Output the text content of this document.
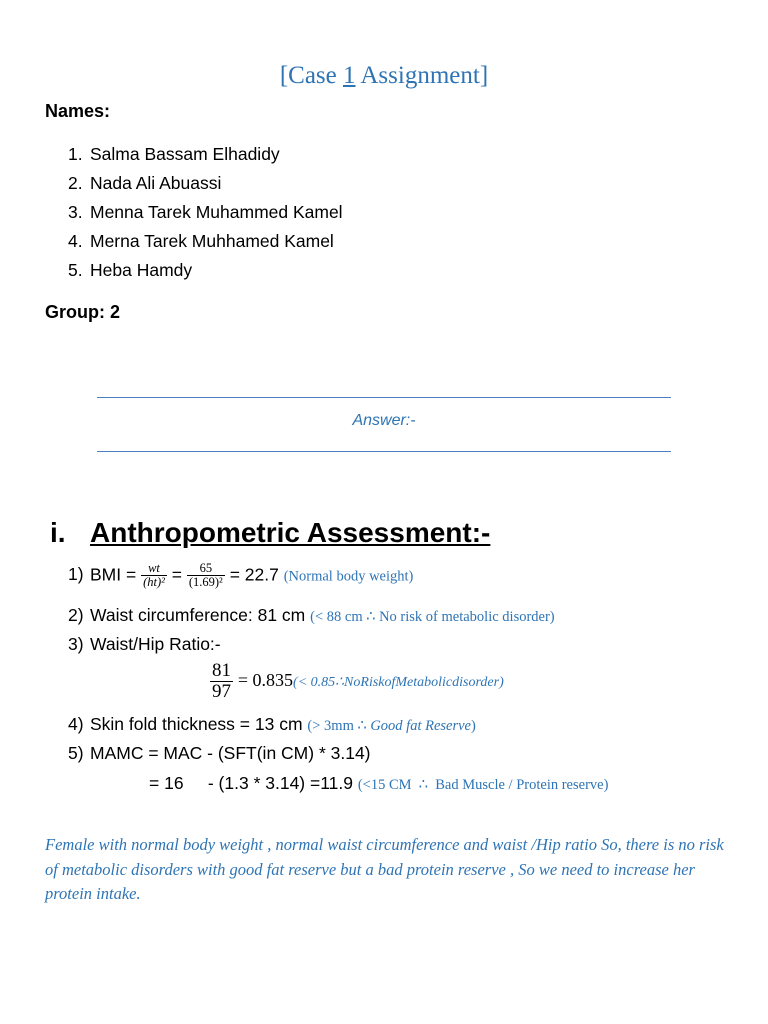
[Case 1 Assignment]
Names:
1. Salma Bassam Elhadidy
2. Nada Ali Abuassi
3. Menna Tarek Muhammed Kamel
4. Merna Tarek Muhhamed Kamel
5. Heba Hamdy
Group: 2
Answer:-
i. Anthropometric Assessment:-
1) BMI = $\frac{wt}{\text{(ht)²}} = \frac{65}{\text{(1.69)²}} = 22.7$ (Normal body weight)
2) Waist circumference: 81 cm (< 88 cm ∴ No risk of metabolic disorder)
3) Waist/Hip Ratio:-
$\frac{81}{97} = 0.835(<$ 0.85∴NoRiskofMetabolicdisorder)
4) Skin fold thickness = 13 cm (> 3mm ∴ Good fat Reserve)
5) MAMC = MAC - (SFT(in CM) * 3.14)
= 16     - (1.3 * 3.14) =11.9 (<15 CM  ∴  Bad Muscle / Protein reserve)
Female with normal body weight , normal waist circumference and waist /Hip ratio So, there is no risk of metabolic disorders with good fat reserve but a bad protein reserve , So we need to increase her protein intake.
